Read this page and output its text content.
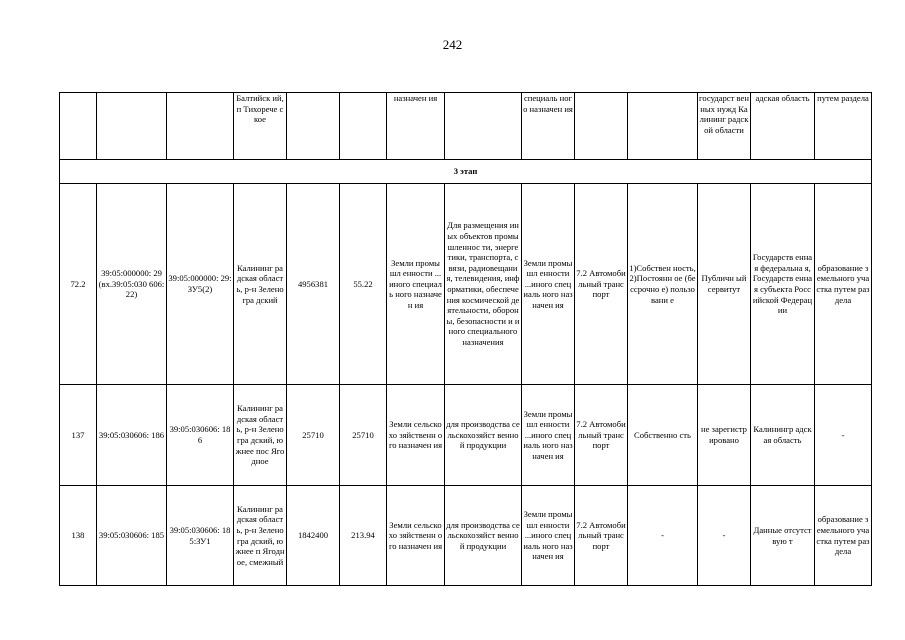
242
			Балтийск ий, п Тихоречe ское			назначен ия		специаль ного назначен ия			государст венных нужд Калининг радской области	адская область	путем раздела
3 этап													
72.2	39:05:000000: 29 (вх.39:05:030 606:22)	39:05:000000: 29:ЗУ5(2)	Калининг радская область, р-н Зеленогра дский	4956381	55.22	Земли промышл енности ...иного специаль ного назначен ия	Для размещения иных объектов промышленнос ти, энергетики, транспорта, связи, радиовещания, телевидения, информатики, обеспечения космической деятельности, обороны, безопасности и иного специального назначения	Земли промышл енности ...иного специаль ного назначен ия	7.2 Автомоби льный транспорт	1)Собствен ность, 2)Постоянн ое (бессрочно е) пользовани е	Публичн ый сервитут	Государств енная федеральна я, Государств енная субъекта Российской Федерации	образование земельного участка путем раздела
137	39:05:030606: 186	39:05:030606: 186	Калининг радская область, р-н Зеленогра дский, южнее пос Ягодное	25710	25710	Земли сельскохо зяйственн ого назначен ия	для производства сельскохозяйст венной продукции	Земли промышл енности ...иного специаль ного назначен ия	7.2 Автомоби льный транспорт	Собственно сть	не зарегистр ировано	Калинингр адская область	-
138	39:05:030606: 185	39:05:030606: 185:ЗУ1	Калининг радская область, р-н Зеленогра дский, южнее п Ягодное, смежный	1842400	213.94	Земли сельскохо зяйственн ого назначен ия	для производства сельскохозяйст венной продукции	Земли промышл енности ...иного специаль ного назначен ия	7.2 Автомоби льный транспорт	-	-	Данные отсутствую т	образование земельного участка путем раздела
